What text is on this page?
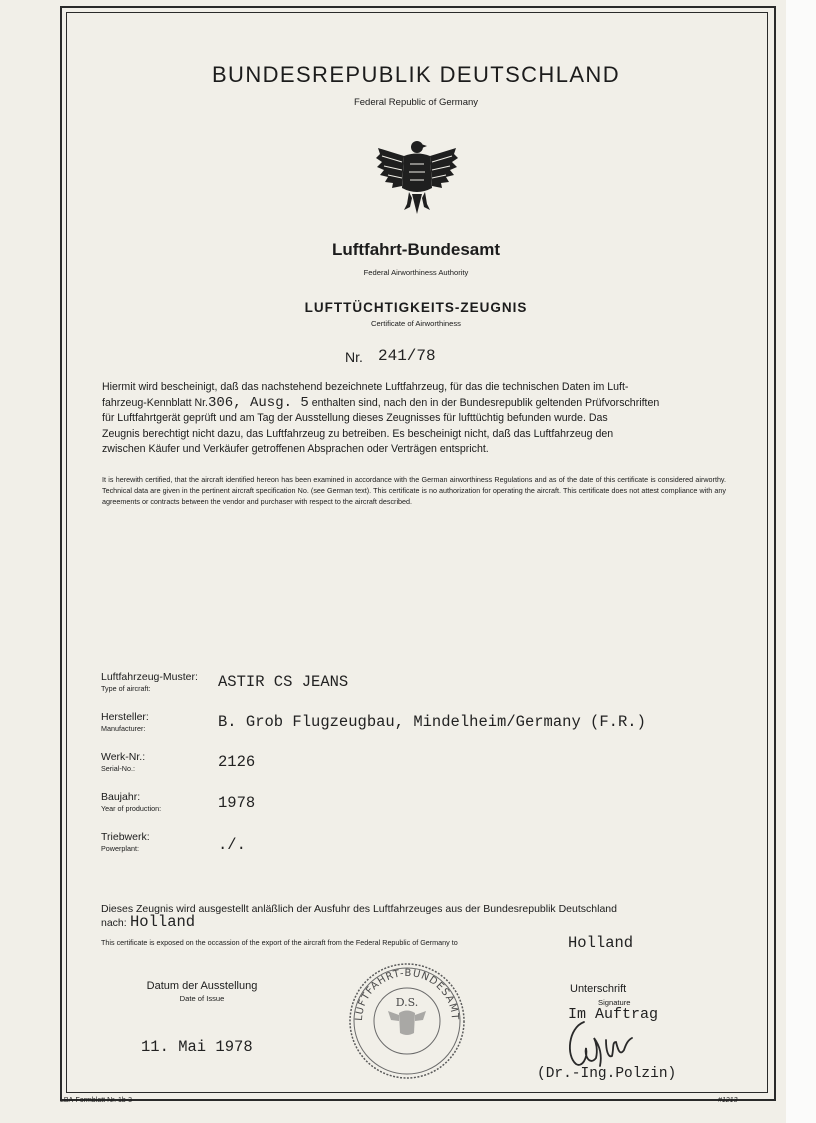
BUNDESREPUBLIK DEUTSCHLAND
Federal Republic of Germany
Luftfahrt-Bundesamt
Federal Airworthiness Authority
LUFTTÜCHTIGKEITS-ZEUGNIS
Certificate of Airworthiness
Nr. 241/78
Hiermit wird bescheinigt, daß das nachstehend bezeichnete Luftfahrzeug, für das die technischen Daten im Luft-
fahrzeug-Kennblatt Nr.306, Ausg. 5 enthalten sind, nach den in der Bundesrepublik geltenden Prüfvorschriften
für Luftfahrtgerät geprüft und am Tag der Ausstellung dieses Zeugnisses für lufttüchtig befunden wurde. Das
Zeugnis berechtigt nicht dazu, das Luftfahrzeug zu betreiben. Es bescheinigt nicht, daß das Luftfahrzeug den
zwischen Käufer und Verkäufer getroffenen Absprachen oder Verträgen entspricht.
It is herewith certified, that the aircraft identified hereon has been examined in accordance with the German airworthiness Regulations and as of the date of this certificate is considered airworthy. Technical data are given in the pertinent aircraft specification No. (see German text). This certificate is no authorization for operating the aircraft. This certificate does not attest compliance with any agreements or contracts between the vendor and purchaser with respect to the aircraft described.
Luftfahrzeug-Muster:
Type of aircraft:	ASTIR CS JEANS
Hersteller:
Manufacturer:	B. Grob Flugzeugbau, Mindelheim/Germany (F.R.)
Werk-Nr.:
Serial-No.:	2126
Baujahr:
Year of production:	1978
Triebwerk:
Powerplant:	./.
Dieses Zeugnis wird ausgestellt anläßlich der Ausfuhr des Luftfahrzeuges aus der Bundesrepublik Deutschland
nach: Holland
This certificate is exposed on the occassion of the export of the aircraft from the Federal Republic of Germany to	Holland
Datum der Ausstellung
Date of Issue
11. Mai 1978
LUFTFAHRT-BUNDESAMT
D.S.
Unterschrift
Signature
Im Auftrag
(Dr.-Ing.Polzin)
LBA-Formblatt Nr. 1b-3	#1213
